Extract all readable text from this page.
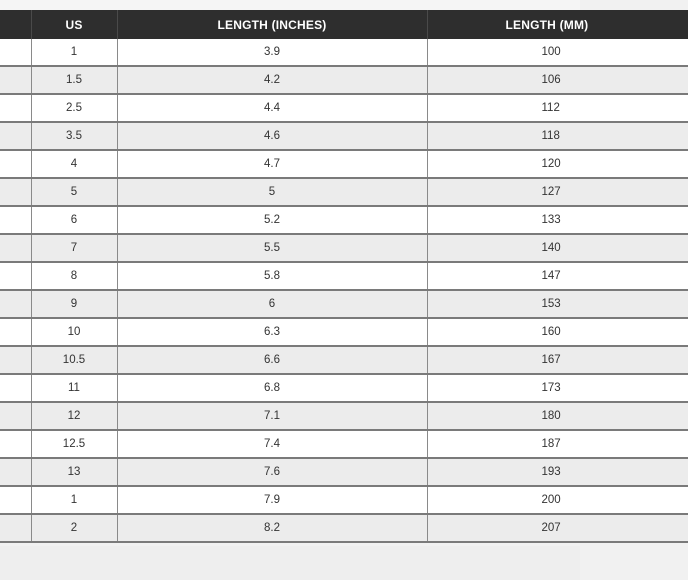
	US	LENGTH (INCHES)	LENGTH (MM)
	1	3.9	100
	1.5	4.2	106
	2.5	4.4	112
	3.5	4.6	118
	4	4.7	120
	5	5	127
	6	5.2	133
	7	5.5	140
	8	5.8	147
	9	6	153
	10	6.3	160
	10.5	6.6	167
	11	6.8	173
	12	7.1	180
	12.5	7.4	187
	13	7.6	193
	1	7.9	200
	2	8.2	207
